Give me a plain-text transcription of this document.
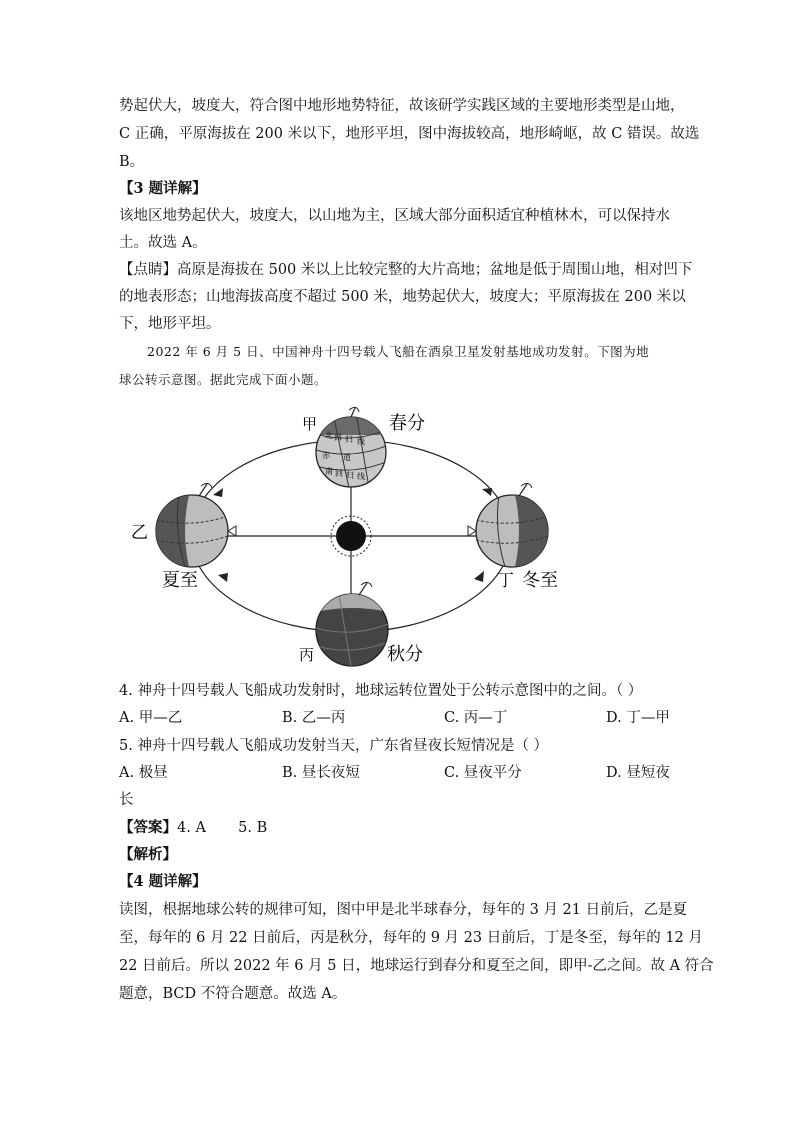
势起伏大，坡度大，符合图中地形地势特征，故该研学实践区域的主要地形类型是山地，
C 正确，平原海拔在 200 米以下，地形平坦，图中海拔较高，地形崎岖，故 C 错误。故选
B。
【3 题详解】
该地区地势起伏大，坡度大，以山地为主，区域大部分面积适宜种植林木，可以保持水
土。故选 A。
【点睛】高原是海拔在 500 米以上比较完整的大片高地；盆地是低于周围山地，相对凹下
的地表形态；山地海拔高度不超过 500 米，地势起伏大，坡度大；平原海拔在 200 米以
下，地形平坦。
2022 年 6 月 5 日、中国神舟十四号载人飞船在酒泉卫星发射基地成功发射。下图为地
球公转示意图。据此完成下面小题。
北 回 归 线
赤 道
南 回 归 线
甲	春分
乙
夏至	丁 冬至
丙	秋分
4. 神舟十四号载人飞船成功发射时，地球运转位置处于公转示意图中的之间。（ ）
A. 甲—乙	B. 乙—丙	C. 丙—丁	D. 丁—甲
5. 神舟十四号载人飞船成功发射当天，广东省昼夜长短情况是（ ）
A. 极昼	B. 昼长夜短	C. 昼夜平分	D. 昼短夜
长
【答案】4. A       5. B
【解析】
【4 题详解】
读图，根据地球公转的规律可知，图中甲是北半球春分，每年的 3 月 21 日前后，乙是夏
至，每年的 6 月 22 日前后，丙是秋分，每年的 9 月 23 日前后，丁是冬至，每年的 12 月
22 日前后。所以 2022 年 6 月 5 日，地球运行到春分和夏至之间，即甲-乙之间。故 A 符合
题意，BCD 不符合题意。故选 A。
